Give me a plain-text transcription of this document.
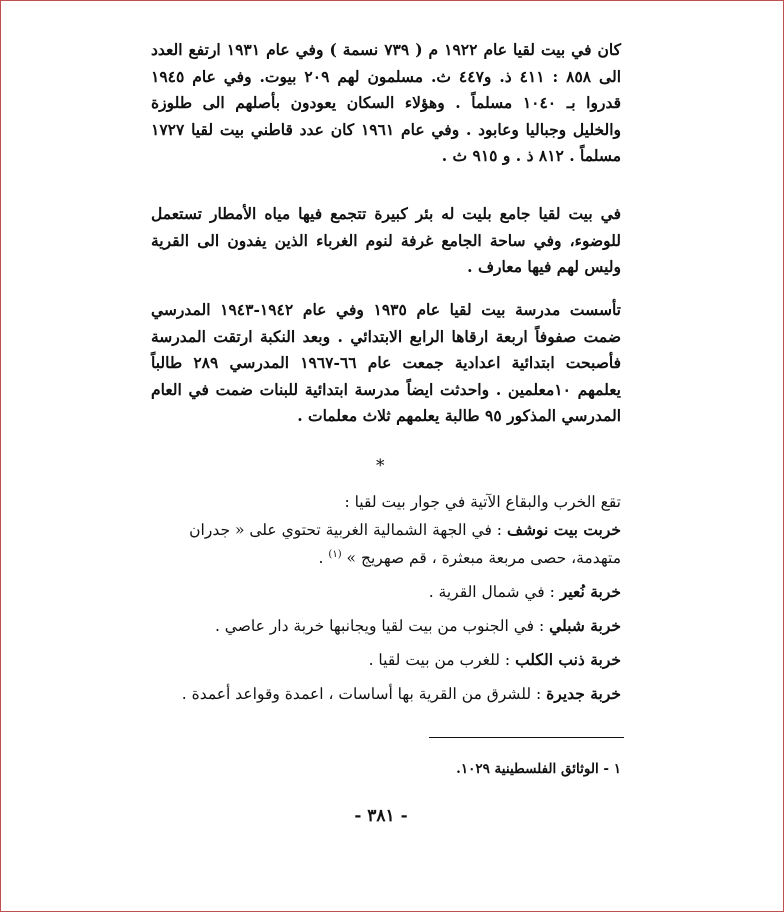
كان في بيت لقيا عام ١٩٢٢ م ( ٧٣٩ نسمة ) وفي عام ١٩٣١ ارتفع العدد الى ٨٥٨ : ٤١١ ذ. و٤٤٧ ث. مسلمون لهم ٢٠٩ بيوت. وفي عام ١٩٤٥ قدروا بـ ١٠٤٠ مسلماً . وهؤلاء السكان يعودون بأصلهم الى طلوزة والخليل وجباليا وعابود . وفي عام ١٩٦١ كان عدد قاطني بيت لقيا ١٧٢٧ مسلماً . ٨١٢ ذ . و ٩١٥ ث .

في بيت لقيا جامع بليت له بئر كبيرة تتجمع فيها مياه الأمطار تستعمل للوضوء، وفي ساحة الجامع غرفة لنوم الغرباء الذين يفدون الى القرية وليس لهم فيها معارف .

تأسست مدرسة بيت لقيا عام ١٩٣٥ وفي عام ١٩٤٢-١٩٤٣ المدرسي ضمت صفوفاً اربعة ارقاها الرابع الابتدائي . وبعد النكبة ارتقت المدرسة فأصبحت ابتدائية اعدادية جمعت عام ٦٦-١٩٦٧ المدرسي ٢٨٩ طالباً يعلمهم ١٠معلمين . واحدثت ايضاً مدرسة ابتدائية للبنات ضمت في العام المدرسي المذكور ٩٥ طالبة يعلمهم ثلاث معلمات .

*

تقع الخرب والبقاع الآتية في جوار بيت لقيا :

خربت بيت نوشف : في الجهة الشمالية الغربية تحتوي على « جدران متهدمة، حصى مربعة مبعثرة ، قم صهريج » $^{(١)}$ .

خربة نُعير : في شمال القرية .

خربة شبلي : في الجنوب من بيت لقيا ويجانبها خربة دار عاصي .

خربة ذنب الكلب : للغرب من بيت لقيا .

خربة جديرة : للشرق من القرية بها أساسات ، اعمدة وقواعد أعمدة .

١ - الوثائق الفلسطينية ١٠٢٩.

- ٣٨١ -
